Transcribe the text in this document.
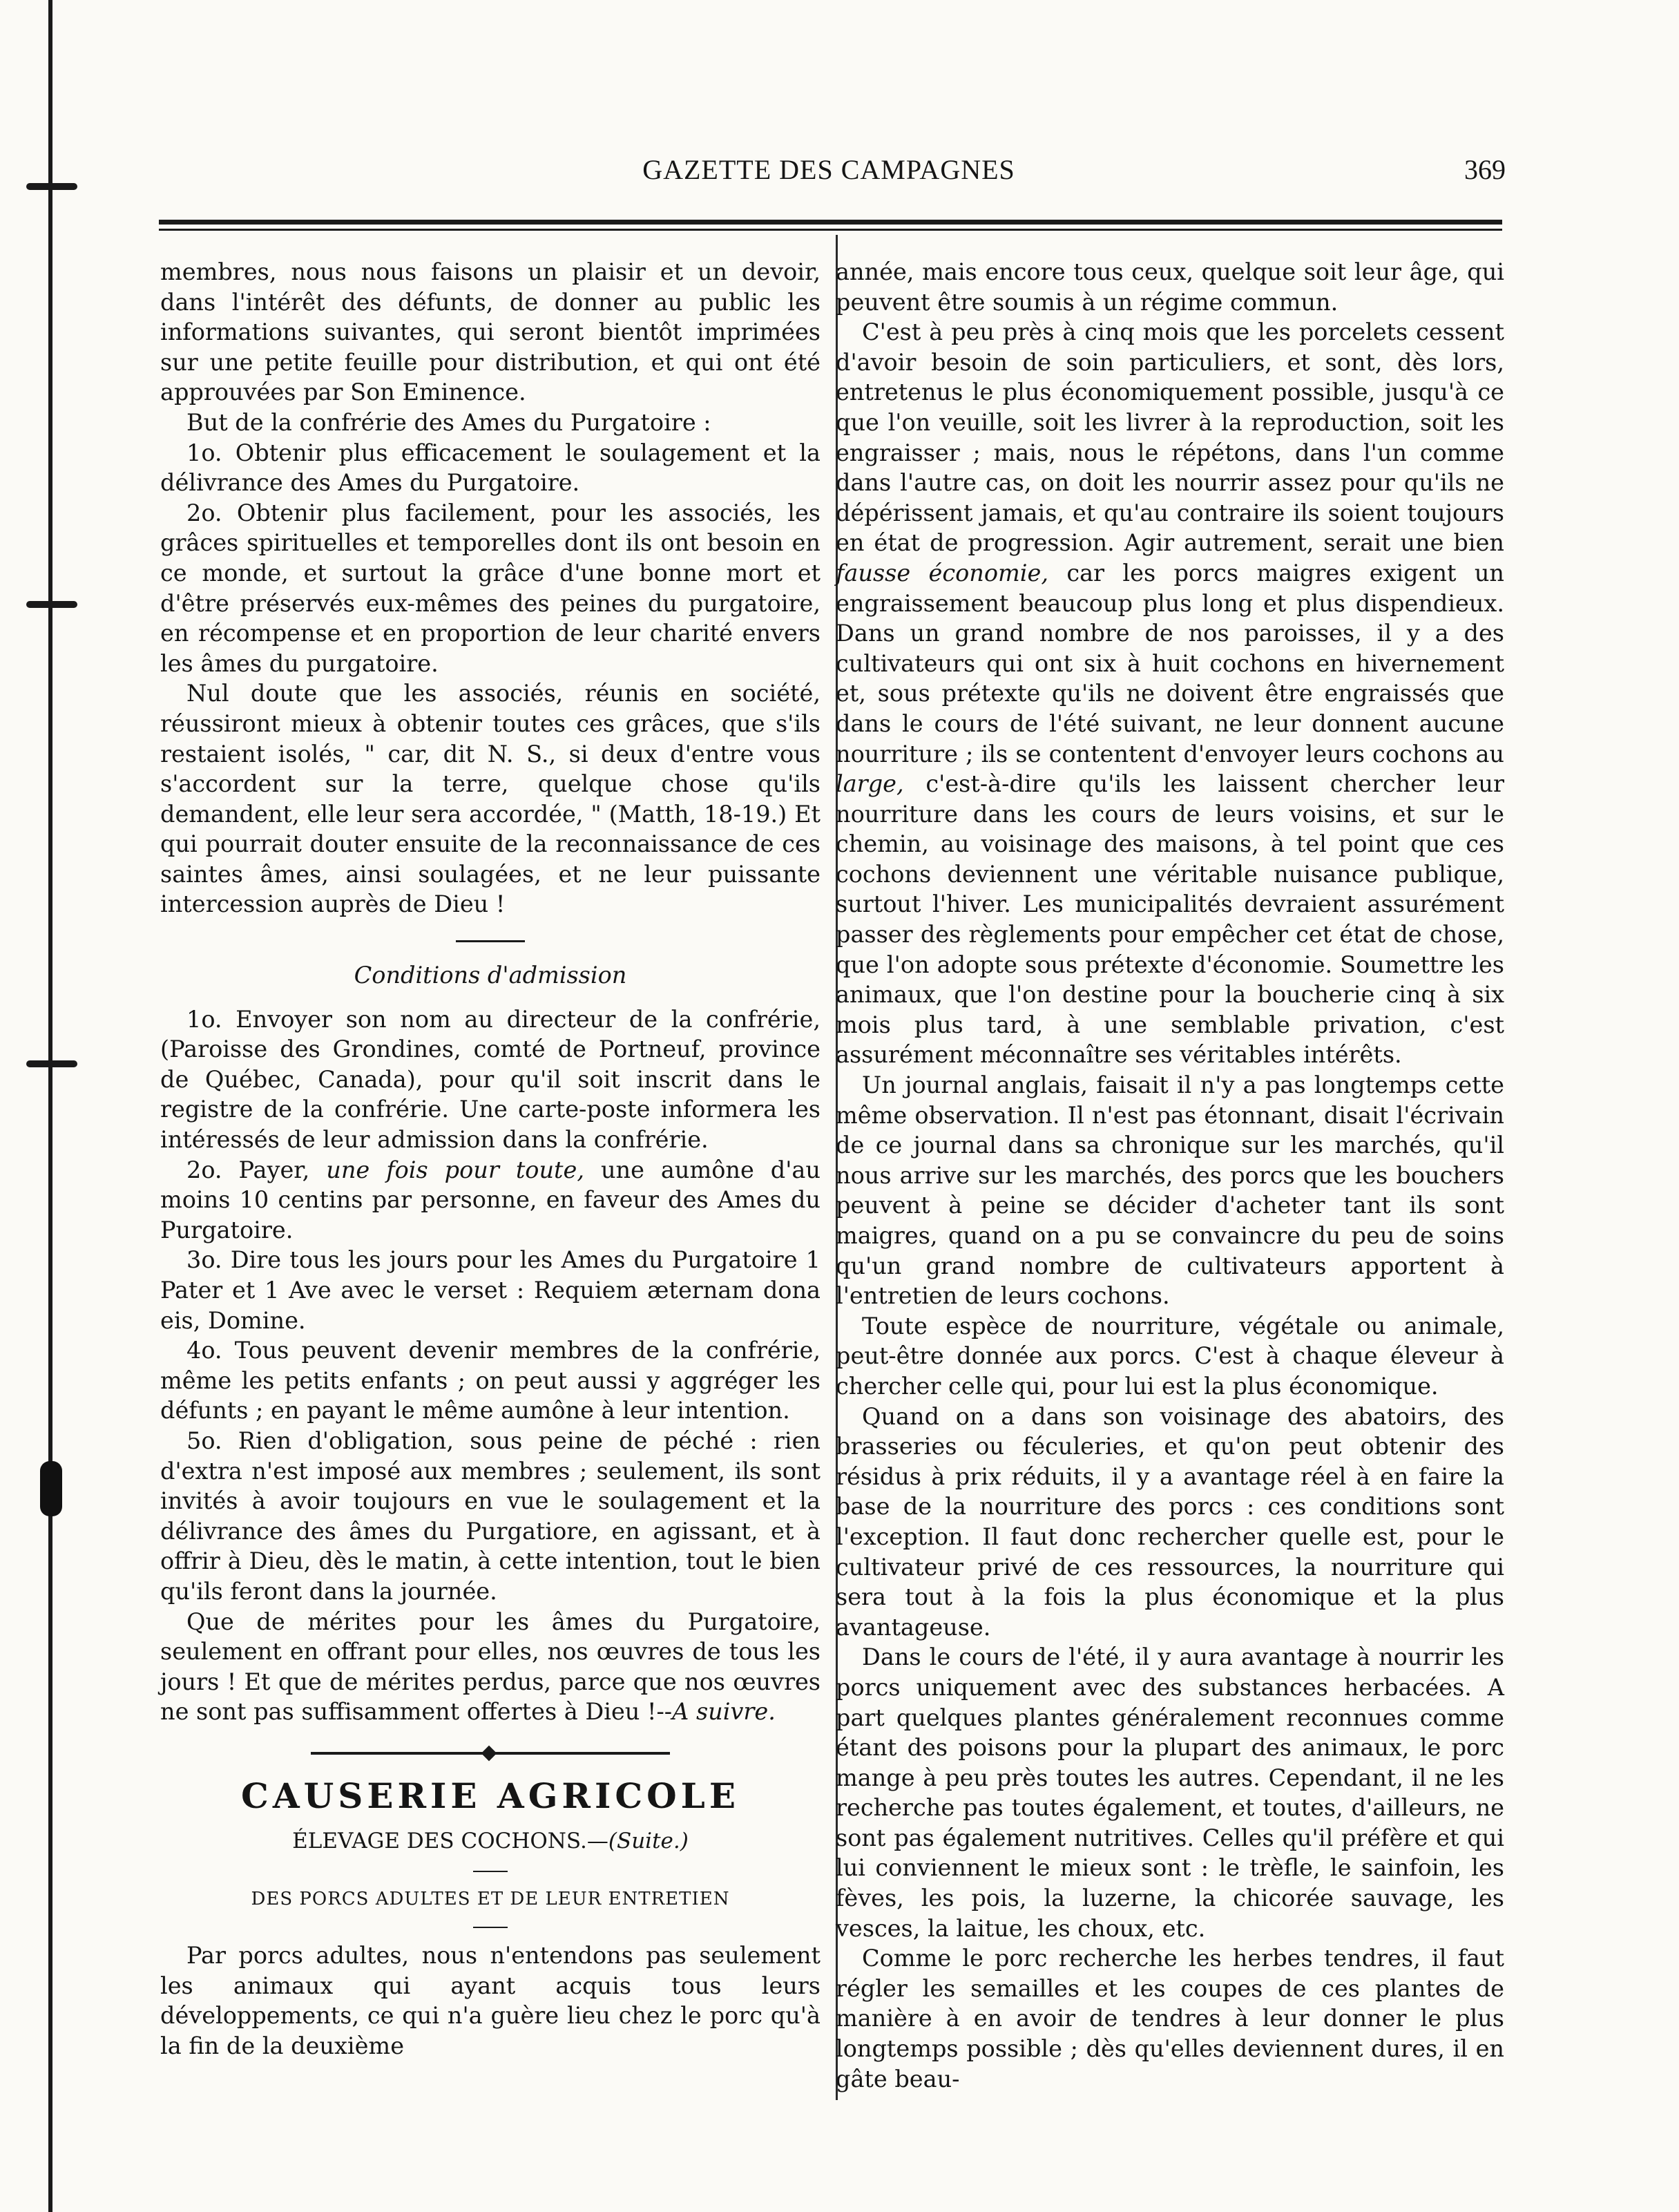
GAZETTE DES CAMPAGNES	369

membres, nous nous faisons un plaisir et un devoir, dans l'intérêt des défunts, de donner au public les informations suivantes, qui seront bientôt imprimées sur une petite feuille pour distribution, et qui ont été approuvées par Son Eminence.

But de la confrérie des Ames du Purgatoire :

1o. Obtenir plus efficacement le soulagement et la délivrance des Ames du Purgatoire.

2o. Obtenir plus facilement, pour les associés, les grâces spirituelles et temporelles dont ils ont besoin en ce monde, et surtout la grâce d'une bonne mort et d'être préservés eux-mêmes des peines du purgatoire, en récompense et en proportion de leur charité envers les âmes du purgatoire.

Nul doute que les associés, réunis en société, réussiront mieux à obtenir toutes ces grâces, que s'ils restaient isolés, " car, dit N. S., si deux d'entre vous s'accordent sur la terre, quelque chose qu'ils demandent, elle leur sera accordée, " (Matth, 18-19.) Et qui pourrait douter ensuite de la reconnaissance de ces saintes âmes, ainsi soulagées, et ne leur puissante intercession auprès de Dieu !

Conditions d'admission

1o. Envoyer son nom au directeur de la confrérie, (Paroisse des Grondines, comté de Portneuf, province de Québec, Canada), pour qu'il soit inscrit dans le registre de la confrérie. Une carte-poste informera les intéressés de leur admission dans la confrérie.

2o. Payer, une fois pour toute, une aumône d'au moins 10 centins par personne, en faveur des Ames du Purgatoire.

3o. Dire tous les jours pour les Ames du Purgatoire 1 Pater et 1 Ave avec le verset : Requiem æternam dona eis, Domine.

4o. Tous peuvent devenir membres de la confrérie, même les petits enfants ; on peut aussi y aggréger les défunts ; en payant le même aumône à leur intention.

5o. Rien d'obligation, sous peine de péché : rien d'extra n'est imposé aux membres ; seulement, ils sont invités à avoir toujours en vue le soulagement et la délivrance des âmes du Purgatiore, en agissant, et à offrir à Dieu, dès le matin, à cette intention, tout le bien qu'ils feront dans la journée.

Que de mérites pour les âmes du Purgatoire, seulement en offrant pour elles, nos œuvres de tous les jours ! Et que de mérites perdus, parce que nos œuvres ne sont pas suffisamment offertes à Dieu !--A suivre.

CAUSERIE AGRICOLE
ÉLEVAGE DES COCHONS.—(Suite.)
DES PORCS ADULTES ET DE LEUR ENTRETIEN

Par porcs adultes, nous n'entendons pas seulement les animaux qui ayant acquis tous leurs développements, ce qui n'a guère lieu chez le porc qu'à la fin de la deuxième

année, mais encore tous ceux, quelque soit leur âge, qui peuvent être soumis à un régime commun.

C'est à peu près à cinq mois que les porcelets cessent d'avoir besoin de soin particuliers, et sont, dès lors, entretenus le plus économiquement possible, jusqu'à ce que l'on veuille, soit les livrer à la reproduction, soit les engraisser ; mais, nous le répétons, dans l'un comme dans l'autre cas, on doit les nourrir assez pour qu'ils ne dépérissent jamais, et qu'au contraire ils soient toujours en état de progression. Agir autrement, serait une bien fausse économie, car les porcs maigres exigent un engraissement beaucoup plus long et plus dispendieux. Dans un grand nombre de nos paroisses, il y a des cultivateurs qui ont six à huit cochons en hivernement et, sous prétexte qu'ils ne doivent être engraissés que dans le cours de l'été suivant, ne leur donnent aucune nourriture ; ils se contentent d'envoyer leurs cochons au large, c'est-à-dire qu'ils les laissent chercher leur nourriture dans les cours de leurs voisins, et sur le chemin, au voisinage des maisons, à tel point que ces cochons deviennent une véritable nuisance publique, surtout l'hiver. Les municipalités devraient assurément passer des règlements pour empêcher cet état de chose, que l'on adopte sous prétexte d'économie. Soumettre les animaux, que l'on destine pour la boucherie cinq à six mois plus tard, à une semblable privation, c'est assurément méconnaître ses véritables intérêts.

Un journal anglais, faisait il n'y a pas longtemps cette même observation. Il n'est pas étonnant, disait l'écrivain de ce journal dans sa chronique sur les marchés, qu'il nous arrive sur les marchés, des porcs que les bouchers peuvent à peine se décider d'acheter tant ils sont maigres, quand on a pu se convaincre du peu de soins qu'un grand nombre de cultivateurs apportent à l'entretien de leurs cochons.

Toute espèce de nourriture, végétale ou animale, peut-être donnée aux porcs. C'est à chaque éleveur à chercher celle qui, pour lui est la plus économique.

Quand on a dans son voisinage des abatoirs, des brasseries ou féculeries, et qu'on peut obtenir des résidus à prix réduits, il y a avantage réel à en faire la base de la nourriture des porcs : ces conditions sont l'exception. Il faut donc rechercher quelle est, pour le cultivateur privé de ces ressources, la nourriture qui sera tout à la fois la plus économique et la plus avantageuse.

Dans le cours de l'été, il y aura avantage à nourrir les porcs uniquement avec des substances herbacées. A part quelques plantes généralement reconnues comme étant des poisons pour la plupart des animaux, le porc mange à peu près toutes les autres. Cependant, il ne les recherche pas toutes également, et toutes, d'ailleurs, ne sont pas également nutritives. Celles qu'il préfère et qui lui conviennent le mieux sont : le trèfle, le sainfoin, les fèves, les pois, la luzerne, la chicorée sauvage, les vesces, la laitue, les choux, etc.

Comme le porc recherche les herbes tendres, il faut régler les semailles et les coupes de ces plantes de manière à en avoir de tendres à leur donner le plus longtemps possible ; dès qu'elles deviennent dures, il en gâte beau-
